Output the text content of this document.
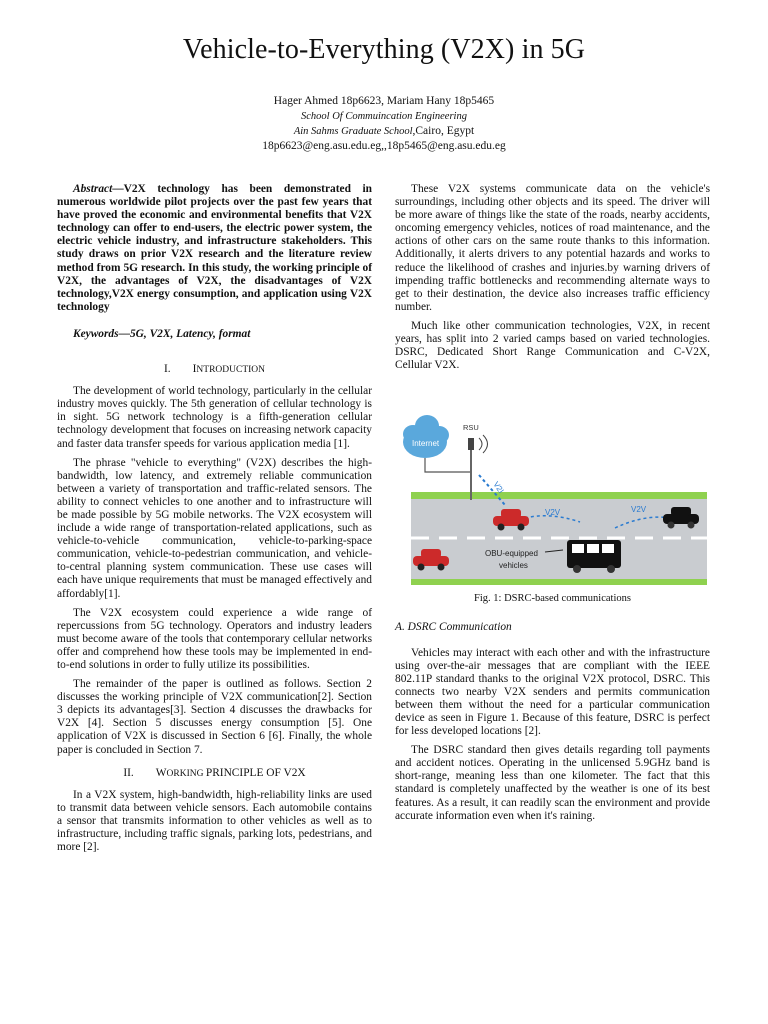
Vehicle-to-Everything (V2X) in 5G
Hager Ahmed 18p6623, Mariam Hany 18p5465
School Of Commuincation Engineering
Ain Sahms Graduate School,Cairo, Egypt
18p6623@eng.asu.edu.eg,,18p5465@eng.asu.edu.eg

Abstract—V2X technology has been demonstrated in numerous worldwide pilot projects over the past few years that have proved the economic and environmental benefits that V2X technology can offer to end-users, the electric power system, the electric vehicle industry, and infrastructure stakeholders. This study draws on prior V2X research and the literature review method from 5G research. In this study, the working principle of V2X, the advantages of V2X, the disadvantages of V2X technology,V2X energy consumption, and application using V2X technology

Keywords—5G, V2X, Latency, format

I. INTRODUCTION

The development of world technology, particularly in the cellular industry moves quickly. The 5th generation of cellular technology is in sight. 5G network technology is a fifth-generation cellular technology development that focuses on increasing network capacity and faster data transfer speeds for various application media [1].

The phrase "vehicle to everything" (V2X) describes the high-bandwidth, low latency, and extremely reliable communication between a variety of transportation and traffic-related sensors. The ability to connect vehicles to one another and to infrastructure will be made possible by 5G mobile networks. The V2X ecosystem will include a wide range of transportation-related applications, such as vehicle-to-vehicle communication, vehicle-to-parking-space communication, vehicle-to-pedestrian communication, and vehicle-to-central planning system communication. These use cases will each have unique requirements that must be managed effectively and affordably[1].

The V2X ecosystem could experience a wide range of repercussions from 5G technology. Operators and industry leaders must become aware of the tools that contemporary cellular networks offer and comprehend how these tools may be implemented in end-to-end solutions in order to fully utilize its possibilities.

The remainder of the paper is outlined as follows. Section 2 discusses the working principle of V2X communication[2]. Section 3 depicts its advantages[3]. Section 4 discusses the drawbacks for V2X [4]. Section 5 discusses energy consumption [5]. One application of V2X is discussed in Section 6 [6]. Finally, the whole paper is concluded in Section 7.

II. WORKING PRINCIPLE OF V2X

In a V2X system, high-bandwidth, high-reliability links are used to transmit data between vehicle sensors. Each automobile contains a sensor that transmits information to other vehicles as well as to infrastructure, including traffic signals, parking lots, pedestrians, and more [2].

These V2X systems communicate data on the vehicle's surroundings, including other objects and its speed. The driver will be more aware of things like the state of the roads, nearby accidents, oncoming emergency vehicles, notices of road maintenance, and the actions of other cars on the same route thanks to this information. Additionally, it alerts drivers to any potential hazards and works to reduce the likelihood of crashes and injuries.by warning drivers of impending traffic bottlenecks and recommending alternate ways to get to their destination, the device also increases traffic efficiency number.

Much like other communication technologies, V2X, in recent years, has split into 2 varied camps based on varied technologies. DSRC, Dedicated Short Range Communication and C-V2X, Cellular V2X.

Internet
RSU
V2I
V2V	V2V
OBU-equipped
vehicles

Fig. 1: DSRC-based communications

A. DSRC Communication

Vehicles may interact with each other and with the infrastructure using over-the-air messages that are compliant with the IEEE 802.11P standard thanks to the original V2X protocol, DSRC. This connects two nearby V2X senders and permits communication between them without the need for a particular communication device as seen in Figure 1. Because of this feature, DSRC is perfect for less developed locations [2].

The DSRC standard then gives details regarding toll payments and accident notices. Operating in the unlicensed 5.9GHz band is short-range, meaning less than one kilometer. The fact that this standard is completely unaffected by the weather is one of its best features. As a result, it can readily scan the environment and provide accurate information even when it's raining.
